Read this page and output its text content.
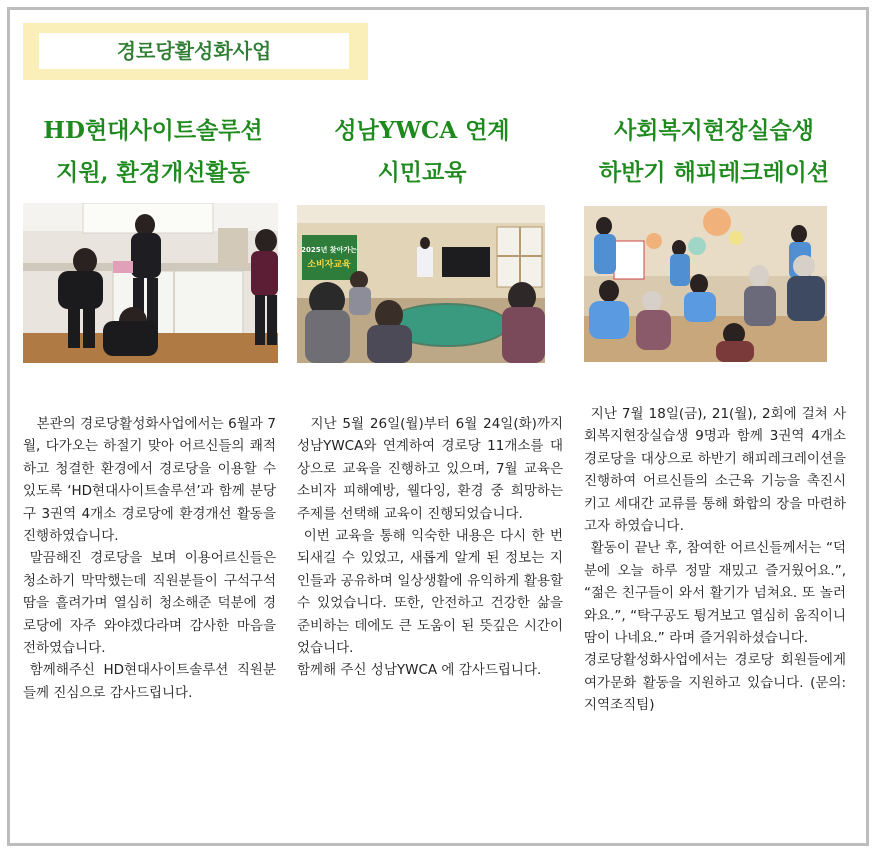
경로당활성화사업
HD현대사이트솔루션
지원, 환경개선활동

본관의 경로당활성화사업에서는 6월과 7월, 다가오는 하절기 맞아 어르신들의 쾌적하고 청결한 환경에서 경로당을 이용할 수 있도록 ‘HD현대사이트솔루션’과 함께 분당구 3권역 4개소 경로당에 환경개선 활동을 진행하였습니다.

말끔해진 경로당을 보며 이용어르신들은 청소하기 막막했는데 직원분들이 구석구석 땀을 흘려가며 열심히 청소해준 덕분에 경로당에 자주 와야겠다라며 감사한 마음을 전하였습니다.

함께해주신 HD현대사이트솔루션 직원분들께 진심으로 감사드립니다.

성남YWCA 연계
시민교육
2025년 찾아가는
소비자교육

지난 5월 26일(월)부터 6월 24일(화)까지 성남YWCA와 연계하여 경로당 11개소를 대상으로 교육을 진행하고 있으며, 7월 교육은 소비자 피해예방, 웰다잉, 환경 중 희망하는 주제를 선택해 교육이 진행되었습니다.

이번 교육을 통해 익숙한 내용은 다시 한 번 되새길 수 있었고, 새롭게 알게 된 정보는 지인들과 공유하며 일상생활에 유익하게 활용할 수 있었습니다. 또한, 안전하고 건강한 삶을 준비하는 데에도 큰 도움이 된 뜻깊은 시간이었습니다.

함께해 주신 성남YWCA 에 감사드립니다.

사회복지현장실습생
하반기 해피레크레이션

지난 7월 18일(금), 21(월), 2회에 걸쳐 사회복지현장실습생 9명과 함께 3권역 4개소 경로당을 대상으로 하반기 해피레크레이션을 진행하여 어르신들의 소근육 기능을 촉진시키고 세대간 교류를 통해 화합의 장을 마련하고자 하였습니다.

활동이 끝난 후, 참여한 어르신들께서는 “덕분에 오늘 하루 정말 재밌고 즐거웠어요.”, “젊은 친구들이 와서 활기가 넘쳐요. 또 놀러와요.”, “탁구공도 튕겨보고 열심히 움직이니 땀이 나네요.” 라며 즐거워하셨습니다.

경로당활성화사업에서는 경로당 회원들에게 여가문화 활동을 지원하고 있습니다. (문의: 지역조직팀)
